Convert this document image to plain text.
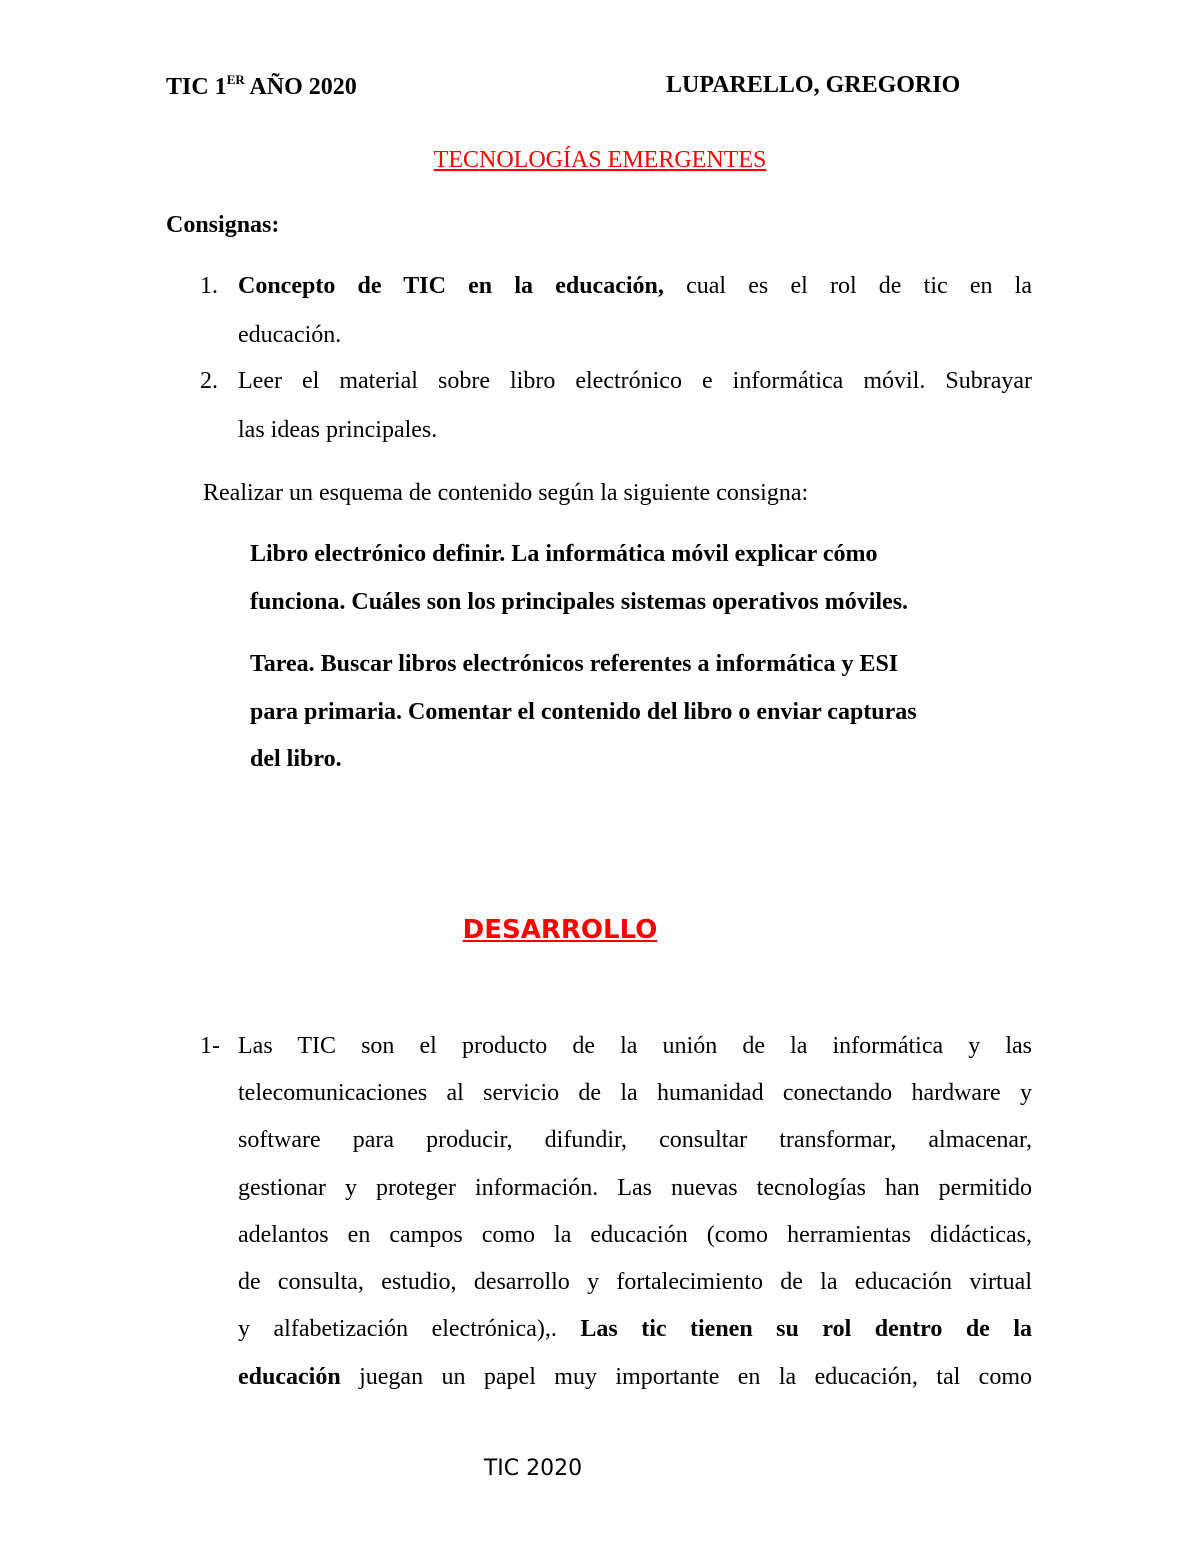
TIC 1ER AÑO 2020	LUPARELLO, GREGORIO
TECNOLOGÍAS EMERGENTES
Consignas:
1. Concepto de TIC en la educación, cual es el rol de tic en la
educación.
2. Leer el material sobre libro electrónico e informática móvil. Subrayar
las ideas principales.
Realizar un esquema de contenido según la siguiente consigna:
Libro electrónico definir. La informática móvil explicar cómo
funciona. Cuáles son los principales sistemas operativos móviles.
Tarea. Buscar libros electrónicos referentes a informática y ESI
para primaria. Comentar el contenido del libro o enviar capturas
del libro.
DESARROLLO
1- Las TIC son el producto de la unión de la informática y las
telecomunicaciones al servicio de la humanidad conectando hardware y
software para producir, difundir, consultar transformar, almacenar,
gestionar y proteger información. Las nuevas tecnologías han permitido
adelantos en campos como la educación (como herramientas didácticas,
de consulta, estudio, desarrollo y fortalecimiento de la educación virtual
y alfabetización electrónica),. Las tic tienen su rol dentro de la
educación juegan un papel muy importante en la educación, tal como
TIC 2020
